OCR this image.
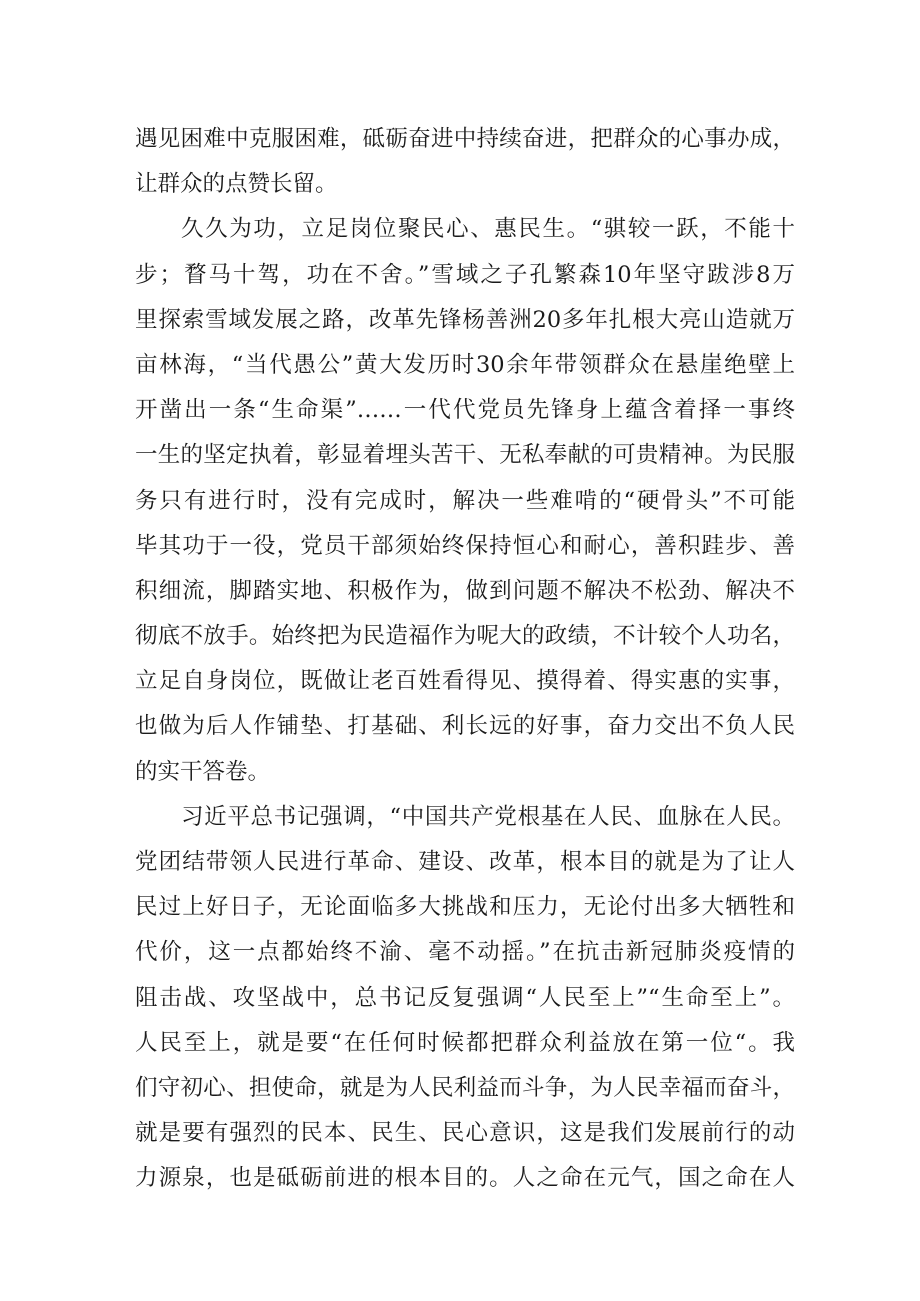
遇见困难中克服困难，砥砺奋进中持续奋进，把群众的心事办成，
让群众的点赞长留。
久久为功，立足岗位聚民心、惠民生。“骐较一跃，不能十
步；瞀马十驾，功在不舍。”雪域之子孔繁森10年坚守跋涉8万
里探索雪域发展之路，改革先锋杨善洲20多年扎根大亮山造就万
亩林海，“当代愚公”黄大发历时30余年带领群众在悬崖绝壁上
开凿出一条“生命渠”……一代代党员先锋身上蕴含着择一事终
一生的坚定执着，彰显着埋头苦干、无私奉献的可贵精神。为民服
务只有进行时，没有完成时，解决一些难啃的“硬骨头”不可能
毕其功于一役，党员干部须始终保持恒心和耐心，善积跬步、善
积细流，脚踏实地、积极作为，做到问题不解决不松劲、解决不
彻底不放手。始终把为民造福作为呢大的政绩，不计较个人功名，
立足自身岗位，既做让老百姓看得见、摸得着、得实惠的实事，
也做为后人作铺垫、打基础、利长远的好事，奋力交出不负人民
的实干答卷。
习近平总书记强调，“中国共产党根基在人民、血脉在人民。
党团结带领人民进行革命、建设、改革，根本目的就是为了让人
民过上好日子，无论面临多大挑战和压力，无论付出多大牺牲和
代价，这一点都始终不渝、毫不动摇。”在抗击新冠肺炎疫情的
阻击战、攻坚战中，总书记反复强调“人民至上”“生命至上”。
人民至上，就是要“在任何时候都把群众利益放在第一位“。我
们守初心、担使命，就是为人民利益而斗争，为人民幸福而奋斗，
就是要有强烈的民本、民生、民心意识，这是我们发展前行的动
力源泉，也是砥砺前进的根本目的。人之命在元气，国之命在人
